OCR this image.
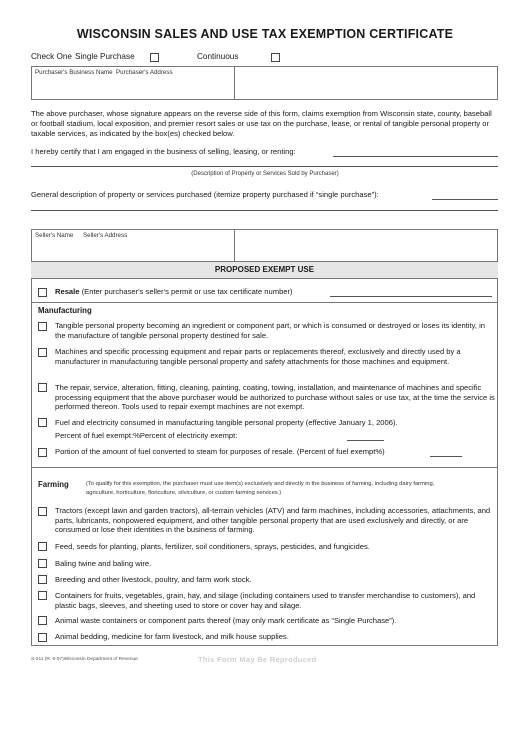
WISCONSIN SALES AND USE TAX EXEMPTION CERTIFICATE
Check One Single Purchase	Continuous
Purchaser's Business Name Purchaser's Address
The above purchaser, whose signature appears on the reverse side of this form, claims exemption from Wisconsin state, county, baseball or football stadium, local exposition, and premier resort sales or use tax on the purchase, lease, or rental of tangible personal property or taxable services, as indicated by the box(es) checked below.
I hereby certify that I am engaged in the business of selling, leasing, or renting:
(Description of Property or Services Sold by Purchaser)
General description of property or services purchased (itemize property purchased if “single purchase”):
Seller's Name Seller's Address
PROPOSED EXEMPT USE
Resale (Enter purchaser's seller's permit or use tax certificate number)
Manufacturing
Tangible personal property becoming an ingredient or component part, or which is consumed or destroyed or loses its identity, in the manufacture of tangible personal property destined for sale.
Machines and specific processing equipment and repair parts or replacements thereof, exclusively and directly used by a manufacturer in manufacturing tangible personal property and safety attachments for those machines and equipment.
The repair, service, alteration, fitting, cleaning, painting, coating, towing, installation, and maintenance of machines and specific processing equipment that the above purchaser would be authorized to purchase without sales or use tax, at the time the service is performed thereon. Tools used to repair exempt machines are not exempt.
Fuel and electricity consumed in manufacturing tangible personal property (effective January 1, 2006).
Percent of fuel exempt:%Percent of electricity exempt:
Portion of the amount of fuel converted to steam for purposes of resale. (Percent of fuel exempt%)
Farming	(To qualify for this exemption, the purchaser must use item(s) exclusively and directly in the business of farming, including dairy farming, agriculture, horticulture, floriculture, silviculture, or custom farming services.)
Tractors (except lawn and garden tractors), all-terrain vehicles (ATV) and farm machines, including accessories, attachments, and parts, lubricants, nonpowered equipment, and other tangible personal property that are used exclusively and directly, or are consumed or lose their identities in the business of farming.
Feed, seeds for planting, plants, fertilizer, soil conditioners, sprays, pesticides, and fungicides.
Baling twine and baling wire.
Breeding and other livestock, poultry, and farm work stock.
Containers for fruits, vegetables, grain, hay, and silage (including containers used to transfer merchandise to customers), and plastic bags, sleeves, and sheeting used to store or cover hay and silage.
Animal waste containers or component parts thereof (may only mark certificate as “Single Purchase”).
Animal bedding, medicine for farm livestock, and milk house supplies.
S-211 (R. 6-07)Wisconsin Department of Revenue	This Form May Be Reproduced
